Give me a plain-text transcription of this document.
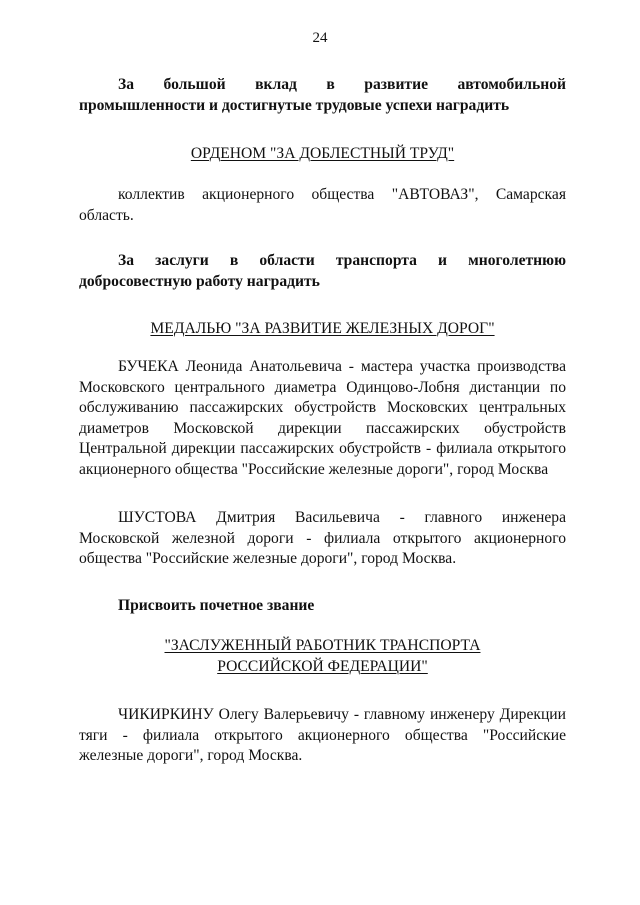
24
За большой вклад в развитие автомобильной промышленности и достигнутые трудовые успехи наградить
ОРДЕНОМ "ЗА ДОБЛЕСТНЫЙ ТРУД"
коллектив акционерного общества "АВТОВАЗ", Самарская область.
За заслуги в области транспорта и многолетнюю добросовестную работу наградить
МЕДАЛЬЮ "ЗА РАЗВИТИЕ ЖЕЛЕЗНЫХ ДОРОГ"
БУЧЕКА Леонида Анатольевича - мастера участка производства Московского центрального диаметра Одинцово-Лобня дистанции по обслуживанию пассажирских обустройств Московских центральных диаметров Московской дирекции пассажирских обустройств Центральной дирекции пассажирских обустройств - филиала открытого акционерного общества "Российские железные дороги", город Москва
ШУСТОВА Дмитрия Васильевича - главного инженера Московской железной дороги - филиала открытого акционерного общества "Российские железные дороги", город Москва.
Присвоить почетное звание
"ЗАСЛУЖЕННЫЙ РАБОТНИК ТРАНСПОРТА
РОССИЙСКОЙ ФЕДЕРАЦИИ"
ЧИКИРКИНУ Олегу Валерьевичу - главному инженеру Дирекции тяги - филиала открытого акционерного общества "Российские железные дороги", город Москва.
